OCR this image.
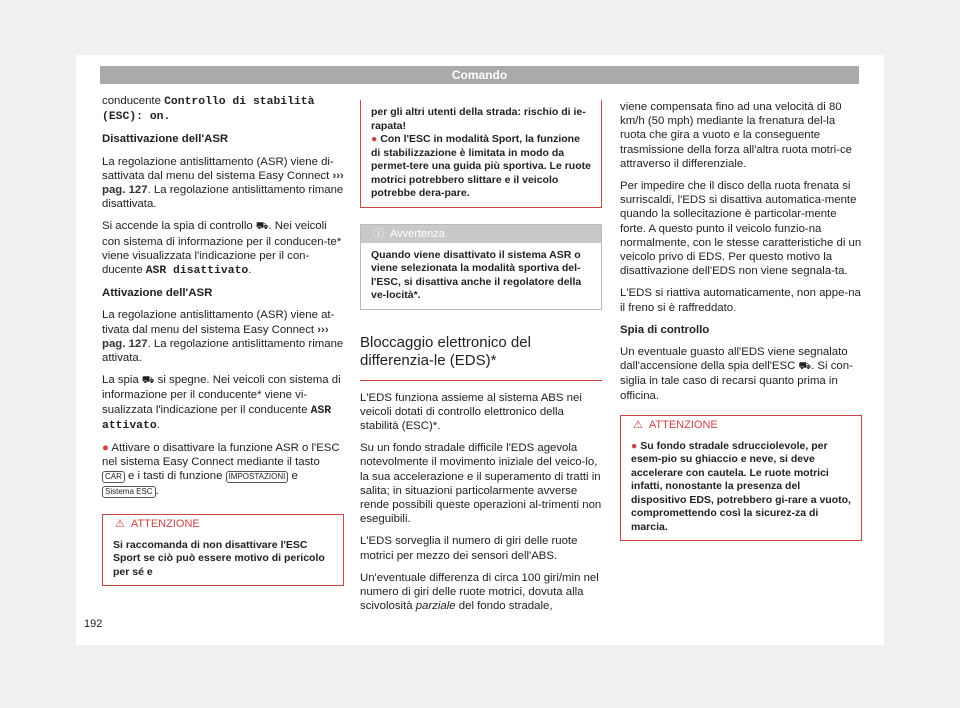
Comando

conducente Controllo di stabilità (ESC): on.

Disattivazione dell'ASR

La regolazione antislittamento (ASR) viene di-sattivata dal menu del sistema Easy Connect ››› pag. 127. La regolazione antislittamento rimane disattivata.

Si accende la spia di controllo ⛟. Nei veicoli con sistema di informazione per il conducen-te* viene visualizzata l'indicazione per il con-ducente ASR disattivato.

Attivazione dell'ASR

La regolazione antislittamento (ASR) viene at-tivata dal menu del sistema Easy Connect ››› pag. 127. La regolazione antislittamento rimane attivata.

La spia ⛟ si spegne. Nei veicoli con sistema di informazione per il conducente* viene vi-sualizzata l'indicazione per il conducente ASR attivato.

● Attivare o disattivare la funzione ASR o l'ESC nel sistema Easy Connect mediante il tasto CAR e i tasti di funzione IMPOSTAZIONI e Sistema ESC .

⚠ ATTENZIONE
Si raccomanda di non disattivare l'ESC Sport se ciò può essere motivo di pericolo per sé e
per gli altri utenti della strada: rischio di ie-rapata!
● Con l'ESC in modalità Sport, la funzione di stabilizzazione è limitata in modo da permet-tere una guida più sportiva. Le ruote motrici potrebbero slittare e il veicolo potrebbe dera-pare.
ⓘ Avvertenza
Quando viene disattivato il sistema ASR o viene selezionata la modalità sportiva del-l'ESC, si disattiva anche il regolatore della ve-locità*.
Bloccaggio elettronico del differenzia-le (EDS)*

L'EDS funziona assieme al sistema ABS nei veicoli dotati di controllo elettronico della stabilità (ESC)*.

Su un fondo stradale difficile l'EDS agevola notevolmente il movimento iniziale del veico-lo, la sua accelerazione e il superamento di tratti in salita; in situazioni particolarmente avverse rende possibili queste operazioni al-trimenti non eseguibili.

L'EDS sorveglia il numero di giri delle ruote motrici per mezzo dei sensori dell'ABS.

Un'eventuale differenza di circa 100 giri/min nel numero di giri delle ruote motrici, dovuta alla scivolosità parziale del fondo stradale,

viene compensata fino ad una velocità di 80 km/h (50 mph) mediante la frenatura del-la ruota che gira a vuoto e la conseguente trasmissione della forza all'altra ruota motri-ce attraverso il differenziale.

Per impedire che il disco della ruota frenata si surriscaldi, l'EDS si disattiva automatica-mente quando la sollecitazione è particolar-mente forte. A questo punto il veicolo funzio-na normalmente, con le stesse caratteristiche di un veicolo privo di EDS. Per questo motivo la disattivazione dell'EDS non viene segnala-ta.

L'EDS si riattiva automaticamente, non appe-na il freno si è raffreddato.

Spia di controllo

Un eventuale guasto all'EDS viene segnalato dall'accensione della spia dell'ESC ⛟. Si con-siglia in tale caso di recarsi quanto prima in officina.

⚠ ATTENZIONE
● Su fondo stradale sdrucciolevole, per esem-pio su ghiaccio e neve, si deve accelerare con cautela. Le ruote motrici infatti, nonostante la presenza del dispositivo EDS, potrebbero gi-rare a vuoto, compromettendo così la sicurez-za di marcia.
192
